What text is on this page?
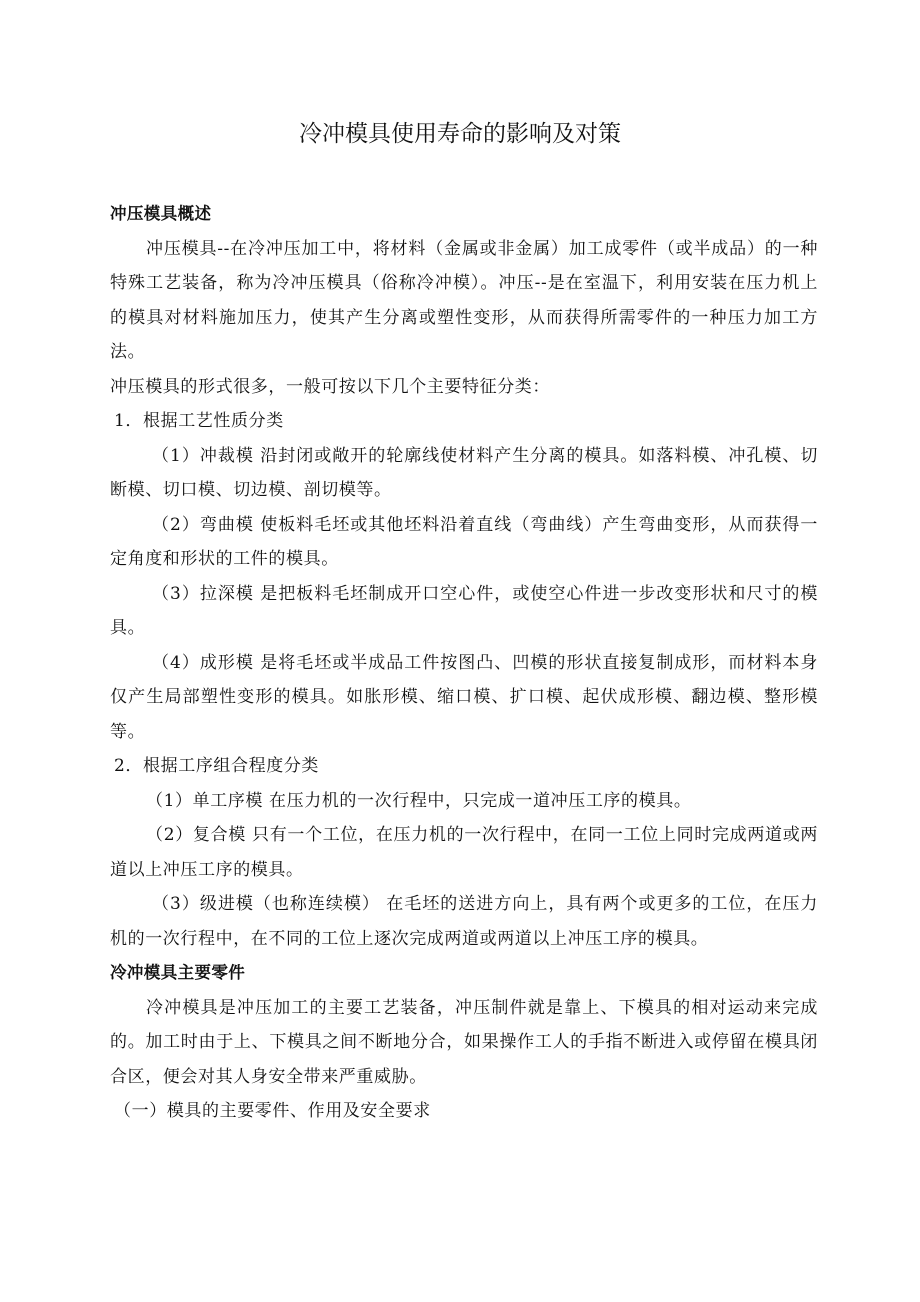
冷冲模具使用寿命的影响及对策

冲压模具概述

冲压模具--在冷冲压加工中，将材料（金属或非金属）加工成零件（或半成品）的一种特殊工艺装备，称为冷冲压模具（俗称冷冲模）。冲压--是在室温下，利用安装在压力机上的模具对材料施加压力，使其产生分离或塑性变形，从而获得所需零件的一种压力加工方法。

冲压模具的形式很多，一般可按以下几个主要特征分类：

1．根据工艺性质分类

（1）冲裁模 沿封闭或敞开的轮廓线使材料产生分离的模具。如落料模、冲孔模、切断模、切口模、切边模、剖切模等。

（2）弯曲模 使板料毛坯或其他坯料沿着直线（弯曲线）产生弯曲变形，从而获得一定角度和形状的工件的模具。

（3）拉深模 是把板料毛坯制成开口空心件，或使空心件进一步改变形状和尺寸的模具。

（4）成形模 是将毛坯或半成品工件按图凸、凹模的形状直接复制成形，而材料本身仅产生局部塑性变形的模具。如胀形模、缩口模、扩口模、起伏成形模、翻边模、整形模等。

2．根据工序组合程度分类

（1）单工序模 在压力机的一次行程中，只完成一道冲压工序的模具。

（2）复合模 只有一个工位，在压力机的一次行程中，在同一工位上同时完成两道或两道以上冲压工序的模具。

（3）级进模（也称连续模） 在毛坯的送进方向上，具有两个或更多的工位，在压力机的一次行程中，在不同的工位上逐次完成两道或两道以上冲压工序的模具。

冷冲模具主要零件

冷冲模具是冲压加工的主要工艺装备，冲压制件就是靠上、下模具的相对运动来完成的。加工时由于上、下模具之间不断地分合，如果操作工人的手指不断进入或停留在模具闭合区，便会对其人身安全带来严重威胁。

（一）模具的主要零件、作用及安全要求
